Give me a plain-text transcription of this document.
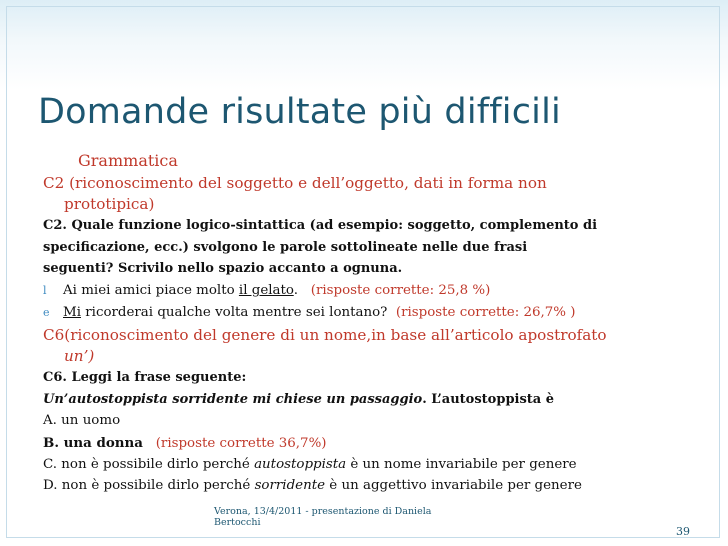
Domande risultate più difficili
Grammatica
C2 (riconoscimento del soggetto e dell’oggetto, dati in forma non
prototipica)
C2. Quale funzione logico-sintattica (ad esempio: soggetto, complemento di
specificazione, ecc.) svolgono le parole sottolineate nelle due frasi
seguenti? Scrivilo nello spazio accanto a ognuna.
l Ai miei amici piace molto il gelato. (risposte corrette: 25,8 %)
e Mi ricorderai qualche volta mentre sei lontano? (risposte corrette: 26,7% )
C6(riconoscimento del genere di un nome,in base all’articolo apostrofato
un’)
C6. Leggi la frase seguente:
Un’autostoppista sorridente mi chiese un passaggio. L’autostoppista è
A. un uomo
B. una donna (risposte corrette 36,7%)
C. non è possibile dirlo perché autostoppista è un nome invariabile per genere
D. non è possibile dirlo perché sorridente è un aggettivo invariabile per genere
Verona, 13/4/2011 - presentazione di Daniela Bertocchi
39
